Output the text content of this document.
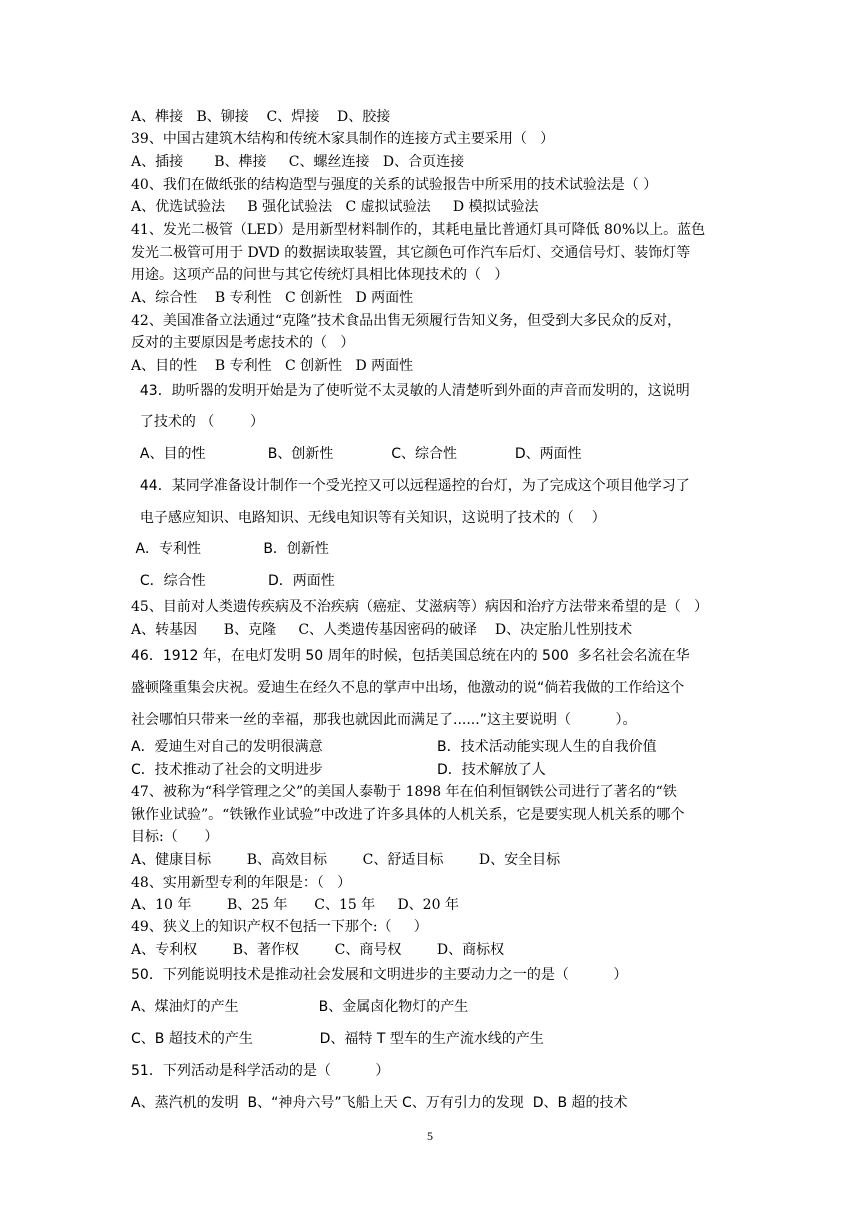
A、榫接   B、铆接    C、焊接    D、胶接
39、中国古建筑木结构和传统木家具制作的连接方式主要采用（   ）
A、插接       B、榫接     C、螺丝连接   D、合页连接
40、我们在做纸张的结构造型与强度的关系的试验报告中所采用的技术试验法是（ ）
A、优选试验法     B 强化试验法   C 虚拟试验法     D 模拟试验法
41、发光二极管（LED）是用新型材料制作的，其耗电量比普通灯具可降低 80%以上。蓝色
发光二极管可用于 DVD 的数据读取装置，其它颜色可作汽车后灯、交通信号灯、装饰灯等
用途。这项产品的问世与其它传统灯具相比体现技术的（   ）
A、综合性    B 专利性   C 创新性   D 两面性
42、美国准备立法通过“克隆”技术食品出售无须履行告知义务，但受到大多民众的反对，
反对的主要原因是考虑技术的（   ）
A、目的性    B 专利性   C 创新性   D 两面性
43．助听器的发明开始是为了使听觉不太灵敏的人清楚听到外面的声音而发明的，这说明
了技术的 （        ）
A、目的性              B、创新性             C、综合性             D、两面性
44．某同学准备设计制作一个受光控又可以远程遥控的台灯，为了完成这个项目他学习了
电子感应知识、电路知识、无线电知识等有关知识，这说明了技术的（    ）
A．专利性              B．创新性
C．综合性              D．两面性
45、目前对人类遗传疾病及不治疾病（癌症、艾滋病等）病因和治疗方法带来希望的是（   ）
A、转基因      B、克隆     C、人类遗传基因密码的破译    D、决定胎儿性别技术
46．1912 年，在电灯发明 50 周年的时候，包括美国总统在内的 500  多名社会名流在华
盛顿隆重集会庆祝。爱迪生在经久不息的掌声中出场，他激动的说“倘若我做的工作给这个
社会哪怕只带来一丝的幸福，那我也就因此而满足了......”这主要说明（          ）。
A．爱迪生对自己的发明很满意	B．技术活动能实现人生的自我价值
C．技术推动了社会的文明进步	D．技术解放了人
47、被称为“科学管理之父”的美国人泰勒于 1898 年在伯利恒钢铁公司进行了著名的“铁
锹作业试验”。“铁锹作业试验”中改进了许多具体的人机关系，它是要实现人机关系的哪个
目标:（      ）
A、健康目标        B、高效目标        C、舒适目标        D、安全目标
48、实用新型专利的年限是：（   ）
A、10 年        B、25 年      C、15 年     D、20 年
49、狭义上的知识产权不包括一下那个:（     ）
A、专利权        B、著作权        C、商号权        D、商标权
50．下列能说明技术是推动社会发展和文明进步的主要动力之一的是（          ）
A、煤油灯的产生                  B、金属卤化物灯的产生
C、B 超技术的产生               D、福特 T 型车的生产流水线的产生
51．下列活动是科学活动的是（          ）
A、蒸汽机的发明  B、“神舟六号”飞船上天 C、万有引力的发现  D、B 超的技术
5
